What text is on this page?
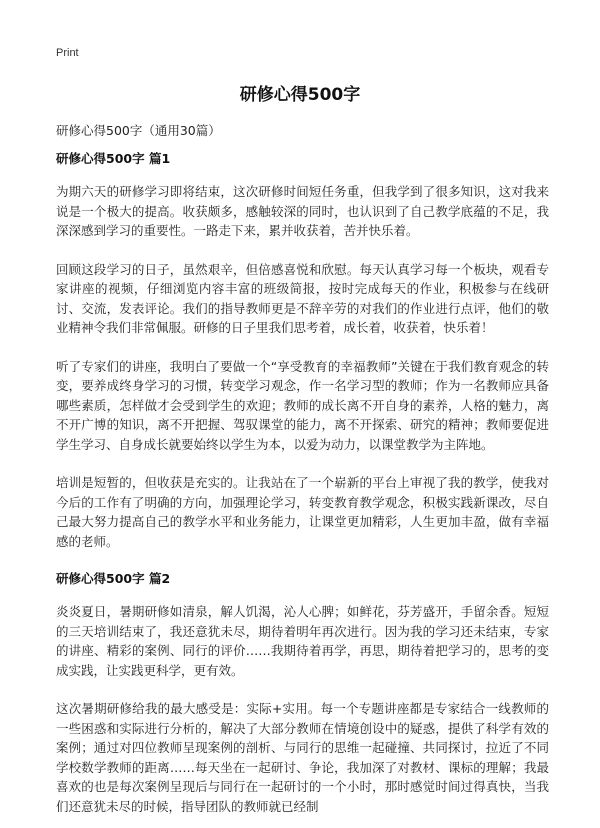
Print
研修心得500字
研修心得500字（通用30篇）
研修心得500字 篇1

为期六天的研修学习即将结束，这次研修时间短任务重，但我学到了很多知识，这对我来说是一个极大的提高。收获颇多，感触较深的同时，也认识到了自己教学底蕴的不足，我深深感到学习的重要性。一路走下来，累并收获着，苦并快乐着。

回顾这段学习的日子，虽然艰辛，但倍感喜悦和欣慰。每天认真学习每一个板块，观看专家讲座的视频，仔细浏览内容丰富的班级简报，按时完成每天的作业，积极参与在线研讨、交流，发表评论。我们的指导教师更是不辞辛劳的对我们的作业进行点评，他们的敬业精神令我们非常佩服。研修的日子里我们思考着，成长着，收获着，快乐着！

听了专家们的讲座，我明白了要做一个“享受教育的幸福教师”关键在于我们教育观念的转变，要养成终身学习的习惯，转变学习观念，作一名学习型的教师；作为一名教师应具备哪些素质，怎样做才会受到学生的欢迎；教师的成长离不开自身的素养，人格的魅力，离不开广博的知识，离不开把握、驾驭课堂的能力，离不开探索、研究的精神；教师要促进学生学习、自身成长就要始终以学生为本，以爱为动力，以课堂教学为主阵地。

培训是短暂的，但收获是充实的。让我站在了一个崭新的平台上审视了我的教学，使我对今后的工作有了明确的方向，加强理论学习，转变教育教学观念，积极实践新课改，尽自己最大努力提高自己的教学水平和业务能力，让课堂更加精彩，人生更加丰盈，做有幸福感的老师。

研修心得500字 篇2

炎炎夏日，暑期研修如清泉，解人饥渴，沁人心脾；如鲜花，芬芳盛开，手留余香。短短的三天培训结束了，我还意犹未尽，期待着明年再次进行。因为我的学习还未结束，专家的讲座、精彩的案例、同行的评价……我期待着再学，再思，期待着把学习的，思考的变成实践，让实践更科学，更有效。

这次暑期研修给我的最大感受是：实际+实用。每一个专题讲座都是专家结合一线教师的一些困惑和实际进行分析的，解决了大部分教师在情境创设中的疑惑，提供了科学有效的案例；通过对四位教师呈现案例的剖析、与同行的思维一起碰撞、共同探讨，拉近了不同学校数学教师的距离……每天坐在一起研讨、争论，我加深了对教材、课标的理解；我最喜欢的也是每次案例呈现后与同行在一起研讨的一个小时，那时感觉时间过得真快，当我们还意犹未尽的时候，指导团队的教师就已经制
